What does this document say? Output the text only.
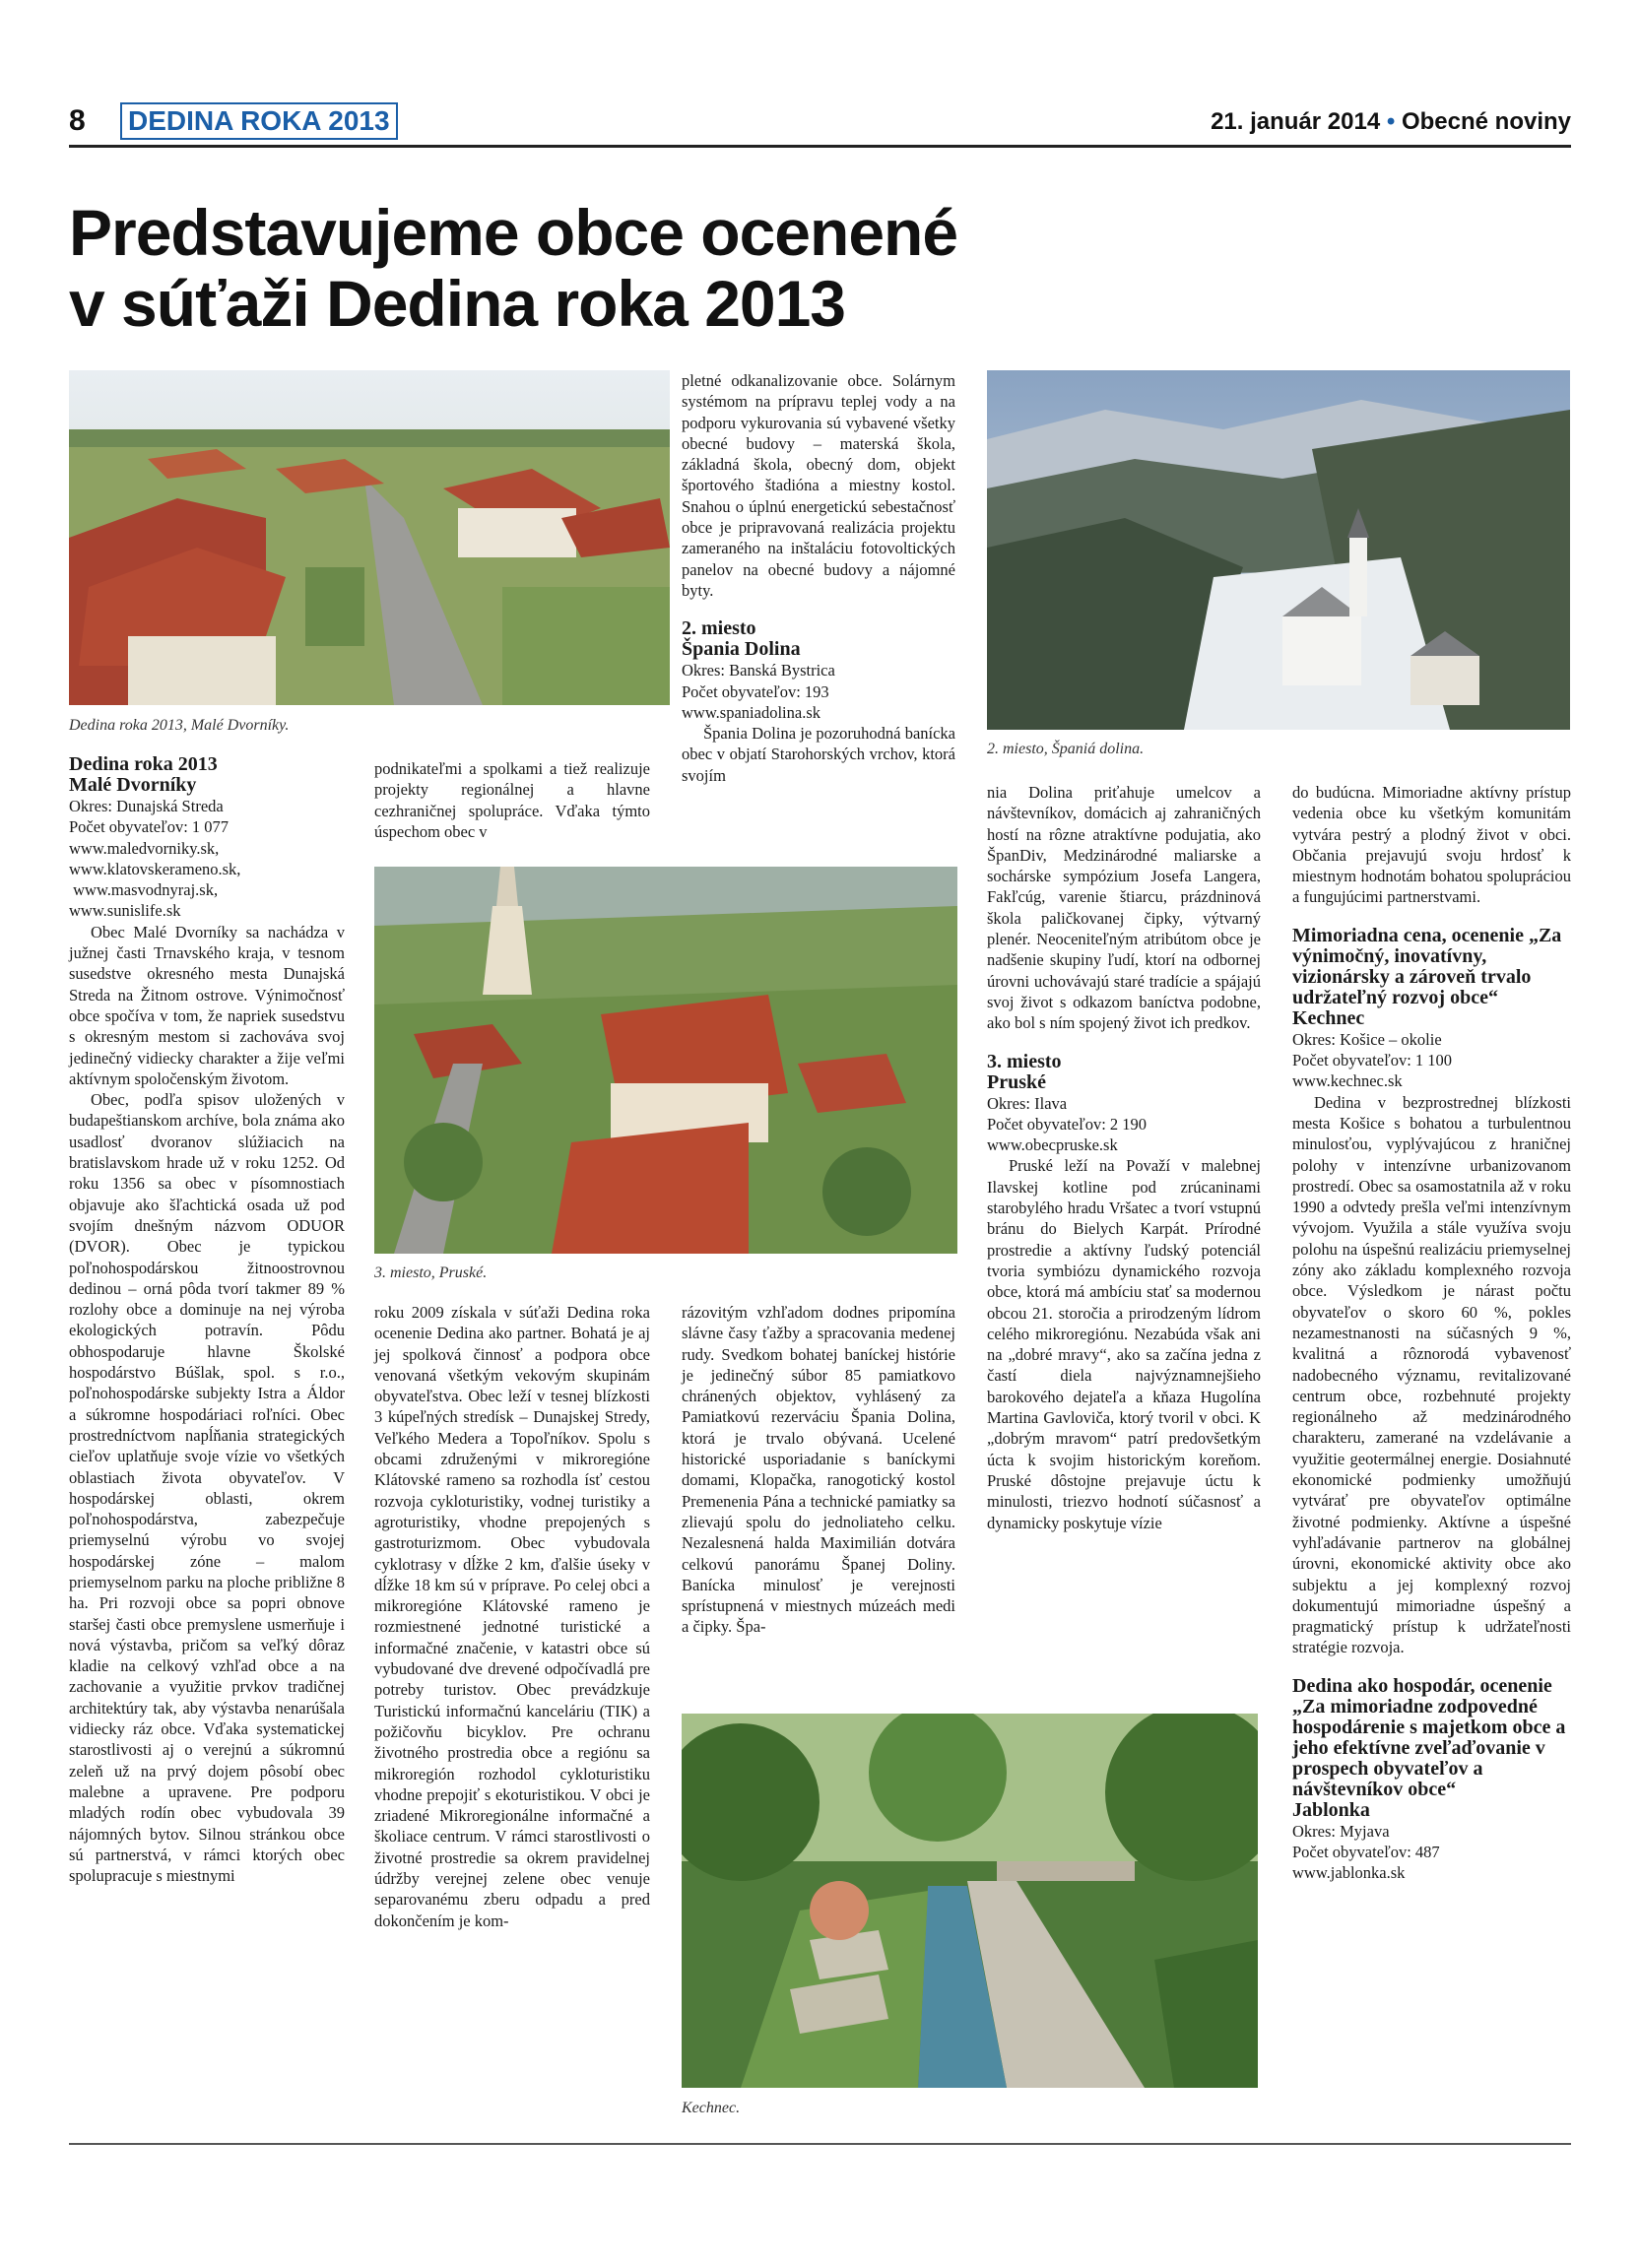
8 DEDINA ROKA 2013	21. január 2014 • Obecné noviny
Predstavujeme obce ocenené
v súťaži Dedina roka 2013
Dedina roka 2013, Malé Dvorníky.
Dedina roka 2013
Malé Dvorníky

Okres: Dunajská Streda

Počet obyvateľov: 1 077

www.maledvorniky.sk,

www.klatovskerameno.sk,

www.masvodnyraj.sk,

www.sunislife.sk

Obec Malé Dvorníky sa nachádza v južnej časti Trnavského kraja, v tesnom susedstve okresného mesta Dunajská Streda na Žitnom ostrove. Výnimočnosť obce spočíva v tom, že napriek susedstvu s okresným mestom si zachováva svoj jedinečný vidiecky charakter a žije veľmi aktívnym spoločenským životom.

Obec, podľa spisov uložených v budapeštianskom archíve, bola známa ako usadlosť dvoranov slúžiacich na bratislavskom hrade už v roku 1252. Od roku 1356 sa obec v písomnostiach objavuje ako šľachtická osada už pod svojím dnešným názvom ODUOR (DVOR). Obec je typickou poľnohospodárskou žitnoostrovnou dedinou – orná pôda tvorí takmer 89 % rozlohy obce a dominuje na nej výroba ekologických potravín. Pôdu obhospodaruje hlavne Školské hospodárstvo Búšlak, spol. s r.o., poľnohospodárske subjekty Istra a Áldor a súkromne hospodáriaci roľníci. Obec prostredníctvom napĺňania strategických cieľov uplatňuje svoje vízie vo všetkých oblastiach života obyvateľov. V hospodárskej oblasti, okrem poľnohospodárstva, zabezpečuje priemyselnú výrobu vo svojej hospodárskej zóne – malom priemyselnom parku na ploche približne 8 ha. Pri rozvoji obce sa popri obnove staršej časti obce premyslene usmerňuje i nová výstavba, pričom sa veľký dôraz kladie na celkový vzhľad obce a na zachovanie a využitie prvkov tradičnej architektúry tak, aby výstavba nenarúšala vidiecky ráz obce. Vďaka systematickej starostlivosti aj o verejnú a súkromnú zeleň už na prvý dojem pôsobí obec malebne a upravene. Pre podporu mladých rodín obec vybudovala 39 nájomných bytov. Silnou stránkou obce sú partnerstvá, v rámci ktorých obec spolupracuje s miestnymi

podnikateľmi a spolkami a tiež realizuje projekty regionálnej a hlavne cezhraničnej spolupráce. Vďaka týmto úspechom obec v

3. miesto, Pruské.

roku 2009 získala v súťaži Dedina roka ocenenie Dedina ako partner. Bohatá je aj jej spolková činnosť a podpora obce venovaná všetkým vekovým skupinám obyvateľstva. Obec leží v tesnej blízkosti 3 kúpeľných stredísk – Dunajskej Stredy, Veľkého Medera a Topoľníkov. Spolu s obcami združenými v mikroregióne Klátovské rameno sa rozhodla ísť cestou rozvoja cykloturistiky, vodnej turistiky a agroturistiky, vhodne prepojených s gastroturizmom. Obec vybudovala cyklotrasy v dĺžke 2 km, ďalšie úseky v dĺžke 18 km sú v príprave. Po celej obci a mikroregióne Klátovské rameno je rozmiestnené jednotné turistické a informačné značenie, v katastri obce sú vybudované dve drevené odpočívadlá pre potreby turistov. Obec prevádzkuje Turistickú informačnú kanceláriu (TIK) a požičovňu bicyklov. Pre ochranu životného prostredia obce a regiónu sa mikroregión rozhodol cykloturistiku vhodne prepojiť s ekoturistikou. V obci je zriadené Mikroregionálne informačné a školiace centrum. V rámci starostlivosti o životné prostredie sa okrem pravidelnej údržby verejnej zelene obec venuje separovanému zberu odpadu a pred dokončením je kom-

pletné odkanalizovanie obce. Solárnym systémom na prípravu teplej vody a na podporu vykurovania sú vybavené všetky obecné budovy – materská škola, základná škola, obecný dom, objekt športového štadióna a miestny kostol. Snahou o úplnú energetickú sebestačnosť obce je pripravovaná realizácia projektu zameraného na inštaláciu fotovoltických panelov na obecné budovy a nájomné byty.

2. miesto
Špania Dolina

Okres: Banská Bystrica

Počet obyvateľov: 193

www.spaniadolina.sk

Špania Dolina je pozoruhodná banícka obec v objatí Starohorských vrchov, ktorá svojím

2. miesto, Španiá dolina.

rázovitým vzhľadom dodnes pripomína slávne časy ťažby a spracovania medenej rudy. Svedkom bohatej baníckej histórie je jedinečný súbor 85 pamiatkovo chránených objektov, vyhlásený za Pamiatkovú rezerváciu Špania Dolina, ktorá je trvalo obývaná. Ucelené historické usporiadanie s baníckymi domami, Klopačka, ranogotický kostol Premenenia Pána a technické pamiatky sa zlievajú spolu do jednoliateho celku. Nezalesnená halda Maximilián dotvára celkovú panorámu Španej Doliny. Banícka minulosť je verejnosti sprístupnená v miestnych múzeách medi a čipky. Špa-

nia Dolina priťahuje umelcov a návštevníkov, domácich aj zahraničných hostí na rôzne atraktívne podujatia, ako ŠpanDiv, Medzinárodné maliarske a sochárske sympózium Josefa Langera, Fakľcúg, varenie štiarcu, prázdninová škola paličkovanej čipky, výtvarný plenér. Neoceniteľným atribútom obce je nadšenie skupiny ľudí, ktorí na odbornej úrovni uchovávajú staré tradície a spájajú svoj život s odkazom baníctva podobne, ako bol s ním spojený život ich predkov.

3. miesto
Pruské

Okres: Ilava

Počet obyvateľov: 2 190

www.obecpruske.sk

Pruské leží na Považí v malebnej Ilavskej kotline pod zrúcaninami starobylého hradu Vršatec a tvorí vstupnú bránu do Bielych Karpát. Prírodné prostredie a aktívny ľudský potenciál tvoria symbiózu dynamického rozvoja obce, ktorá má ambíciu stať sa modernou obcou 21. storočia a prirodzeným lídrom celého mikroregiónu. Nezabúda však ani na „dobré mravy“, ako sa začína jedna z častí diela najvýznamnejšieho barokového dejateľa a kňaza Hugolína Martina Gavloviča, ktorý tvoril v obci. K „dobrým mravom“ patrí predovšetkým úcta k svojim historickým koreňom. Pruské dôstojne prejavuje úctu k minulosti, triezvo hodnotí súčasnosť a dynamicky poskytuje vízie

Kechnec.

do budúcna. Mimoriadne aktívny prístup vedenia obce ku všetkým komunitám vytvára pestrý a plodný život v obci. Občania prejavujú svoju hrdosť k miestnym hodnotám bohatou spolupráciou a fungujúcimi partnerstvami.

Mimoriadna cena, ocenenie „Za výnimočný, inovatívny, vizionársky a zároveň trvalo udržateľný rozvoj obce“
Kechnec

Okres: Košice – okolie

Počet obyvateľov: 1 100

www.kechnec.sk

Dedina v bezprostrednej blízkosti mesta Košice s bohatou a turbulentnou minulosťou, vyplývajúcou z hraničnej polohy v intenzívne urbanizovanom prostredí. Obec sa osamostatnila až v roku 1990 a odvtedy prešla veľmi intenzívnym vývojom. Využila a stále využíva svoju polohu na úspešnú realizáciu priemyselnej zóny ako základu komplexného rozvoja obce. Výsledkom je nárast počtu obyvateľov o skoro 60 %, pokles nezamestnanosti na súčasných 9 %, kvalitná a rôznorodá vybavenosť nadobecného významu, revitalizované centrum obce, rozbehnuté projekty regionálneho až medzinárodného charakteru, zamerané na vzdelávanie a využitie geotermálnej energie. Dosiahnuté ekonomické podmienky umožňujú vytvárať pre obyvateľov optimálne životné podmienky. Aktívne a úspešné vyhľadávanie partnerov na globálnej úrovni, ekonomické aktivity obce ako subjektu a jej komplexný rozvoj dokumentujú mimoriadne úspešný a pragmatický prístup k udržateľnosti stratégie rozvoja.

Dedina ako hospodár, ocenenie „Za mimoriadne zodpovedné hospodárenie s majetkom obce a jeho efektívne zveľaďovanie v prospech obyvateľov a návštevníkov obce“
Jablonka

Okres: Myjava

Počet obyvateľov: 487

www.jablonka.sk
